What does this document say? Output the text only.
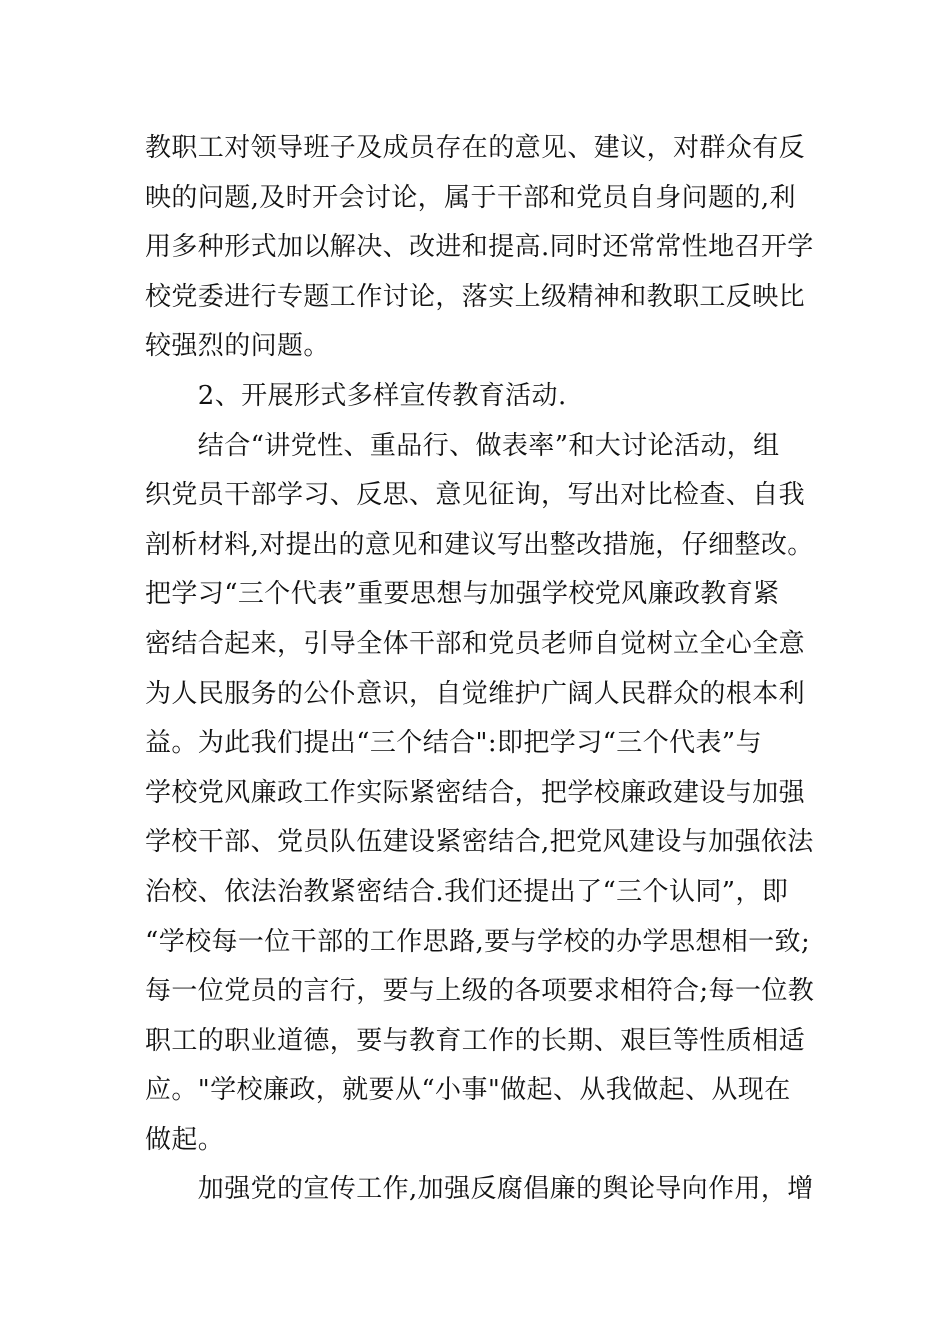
教职工对领导班子及成员存在的意见、建议，对群众有反
映的问题,及时开会讨论，属于干部和党员自身问题的,利
用多种形式加以解决、改进和提高.同时还常常性地召开学
校党委进行专题工作讨论，落实上级精神和教职工反映比
较强烈的问题。
　　2、开展形式多样宣传教育活动.
　　结合“讲党性、重品行、做表率”和大讨论活动，组
织党员干部学习、反思、意见征询，写出对比检查、自我
剖析材料,对提出的意见和建议写出整改措施，仔细整改。
把学习“三个代表”重要思想与加强学校党风廉政教育紧
密结合起来，引导全体干部和党员老师自觉树立全心全意
为人民服务的公仆意识，自觉维护广阔人民群众的根本利
益。为此我们提出“三个结合":即把学习“三个代表”与
学校党风廉政工作实际紧密结合，把学校廉政建设与加强
学校干部、党员队伍建设紧密结合,把党风建设与加强依法
治校、依法治教紧密结合.我们还提出了“三个认同”，即
“学校每一位干部的工作思路,要与学校的办学思想相一致;
每一位党员的言行，要与上级的各项要求相符合;每一位教
职工的职业道德，要与教育工作的长期、艰巨等性质相适
应。"学校廉政，就要从“小事"做起、从我做起、从现在
做起。
　　加强党的宣传工作,加强反腐倡廉的舆论导向作用，增
